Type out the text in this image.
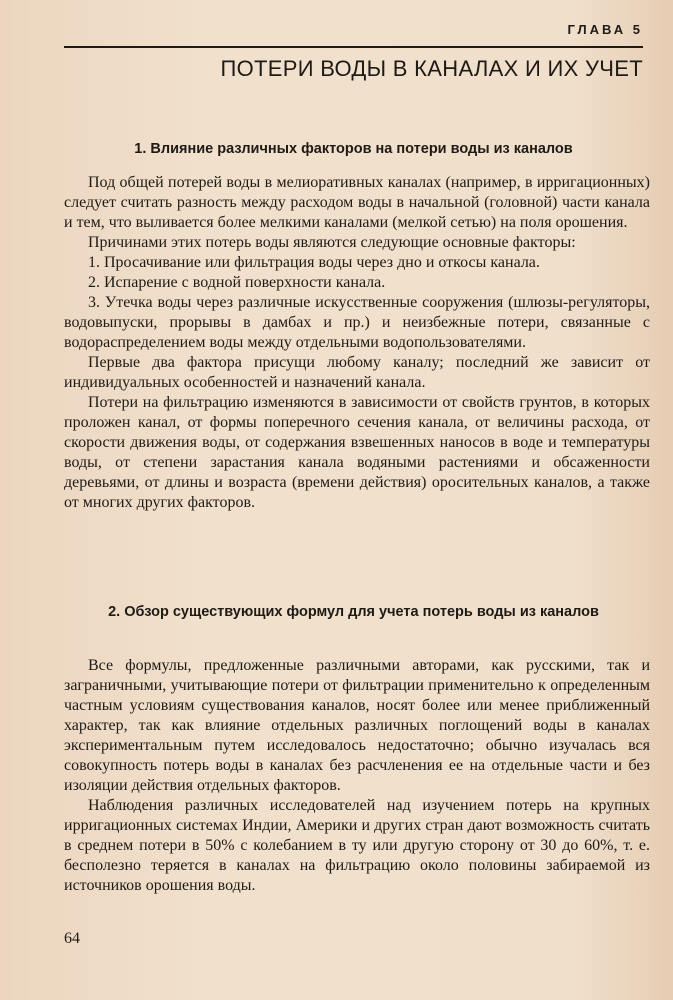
ГЛАВА 5
ПОТЕРИ ВОДЫ В КАНАЛАХ И ИХ УЧЕТ
1. Влияние различных факторов на потери воды из каналов

Под общей потерей воды в мелиоративных каналах (например, в ирригационных) следует считать разность между расходом воды в начальной (головной) части канала и тем, что выливается более мелкими каналами (мелкой сетью) на поля орошения.

Причинами этих потерь воды являются следующие основные факторы:

1. Просачивание или фильтрация воды через дно и откосы канала.

2. Испарение с водной поверхности канала.

3. Утечка воды через различные искусственные сооружения (шлюзы-регуляторы, водовыпуски, прорывы в дамбах и пр.) и неизбежные потери, связанные с водораспределением воды между отдельными водопользователями.

Первые два фактора присущи любому каналу; последний же зависит от индивидуальных особенностей и назначений канала.

Потери на фильтрацию изменяются в зависимости от свойств грунтов, в которых проложен канал, от формы поперечного сечения канала, от величины расхода, от скорости движения воды, от содержания взвешенных наносов в воде и температуры воды, от степени зарастания канала водяными растениями и обсаженности деревьями, от длины и возраста (времени действия) оросительных каналов, а также от многих других факторов.

2. Обзор существующих формул для учета потерь воды из каналов

Все формулы, предложенные различными авторами, как русскими, так и заграничными, учитывающие потери от фильтрации применительно к определенным частным условиям существования каналов, носят более или менее приближенный характер, так как влияние отдельных различных поглощений воды в каналах экспериментальным путем исследовалось недостаточно; обычно изучалась вся совокупность потерь воды в каналах без расчленения ее на отдельные части и без изоляции действия отдельных факторов.

Наблюдения различных исследователей над изучением потерь на крупных ирригационных системах Индии, Америки и других стран дают возможность считать в среднем потери в 50% с колебанием в ту или другую сторону от 30 до 60%, т. е. бесполезно теряется в каналах на фильтрацию около половины забираемой из источников орошения воды.

64
